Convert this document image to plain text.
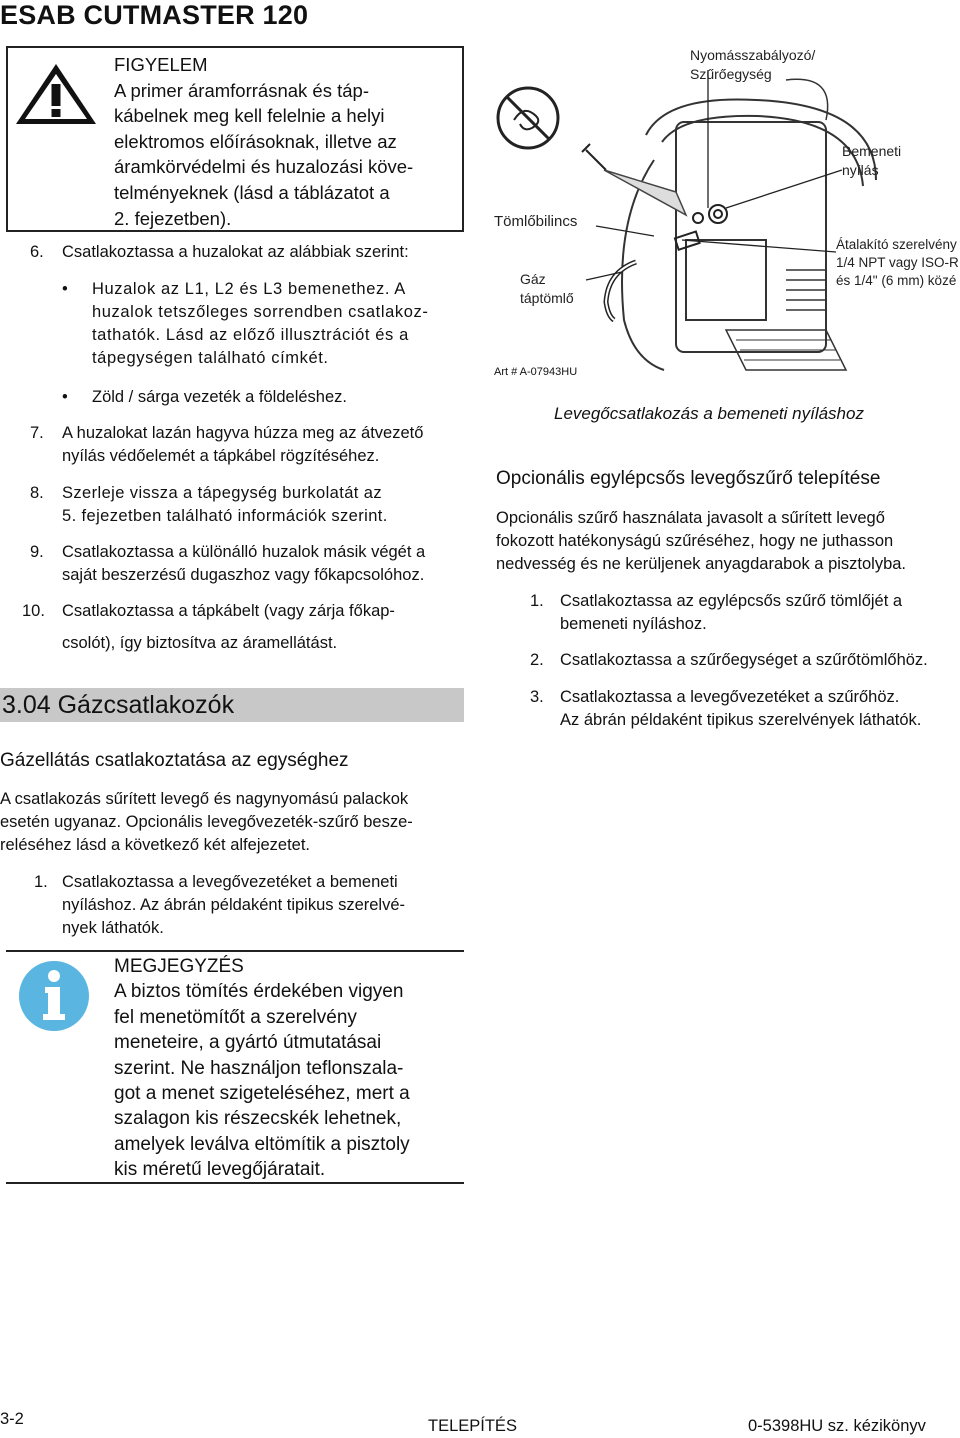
ESAB CUTMASTER 120
FIGYELEM
A primer áramforrásnak és táp-
kábelnek meg kell felelnie a helyi
elektromos előírásoknak, illetve az
áramkörvédelmi és huzalozási köve-
telményeknek (lásd a táblázatot a
2. fejezetben).
6. Csatlakoztassa a huzalokat az alábbiak szerint:
• Huzalok az L1, L2 és L3 bemenethez. A
huzalok tetszőleges sorrendben csatlakoz-
tathatók. Lásd az előző illusztrációt és a
tápegységen található címkét.
• Zöld / sárga vezeték a földeléshez.
7. A huzalokat lazán hagyva húzza meg az átvezető
nyílás védőelemét a tápkábel rögzítéséhez.
8. Szerleje vissza a tápegység burkolatát az
5. fejezetben található információk szerint.
9. Csatlakoztassa a különálló huzalok másik végét a
saját beszerzésű dugaszhoz vagy főkapcsolóhoz.
10. Csatlakoztassa a tápkábelt (vagy zárja főkap-
csolót), így biztosítva az áramellátást.
3.04 Gázcsatlakozók
Gázellátás csatlakoztatása az egységhez
A csatlakozás sűrített levegő és nagynyomású palackok
esetén ugyanaz. Opcionális levegővezeték-szűrő besze-
reléséhez lásd a következő két alfejezetet.
1. Csatlakoztassa a levegővezetéket a bemeneti
nyíláshoz. Az ábrán példaként tipikus szerelvé-
nyek láthatók.
MEGJEGYZÉS
A biztos tömítés érdekében vigyen
fel menetömítőt a szerelvény
meneteire, a gyártó útmutatásai
szerint. Ne használjon teflonszala-
got a menet szigeteléséhez, mert a
szalagon kis részecskék lehetnek,
amelyek leválva eltömítik a pisztoly
kis méretű levegőjáratait.
Nyomásszabályozó/
Szűrőegység
Bemeneti
nyílás
Tömlőbilincs
Gáz
táptömlő
Átalakító szerelvény
1/4 NPT vagy ISO-R
és 1/4" (6 mm) közé
Art # A-07943HU
Levegőcsatlakozás a bemeneti nyíláshoz
Opcionális egylépcsős levegőszűrő telepítése
Opcionális szűrő használata javasolt a sűrített levegő
fokozott hatékonyságú szűréséhez, hogy ne juthasson
nedvesség és ne kerüljenek anyagdarabok a pisztolyba.
1. Csatlakoztassa az egylépcsős szűrő tömlőjét a
bemeneti nyíláshoz.
2. Csatlakoztassa a szűrőegységet a szűrőtömlőhöz.
3. Csatlakoztassa a levegővezetéket a szűrőhöz.
Az ábrán példaként tipikus szerelvények láthatók.
3-2	TELEPÍTÉS	0-5398HU sz. kézikönyv
